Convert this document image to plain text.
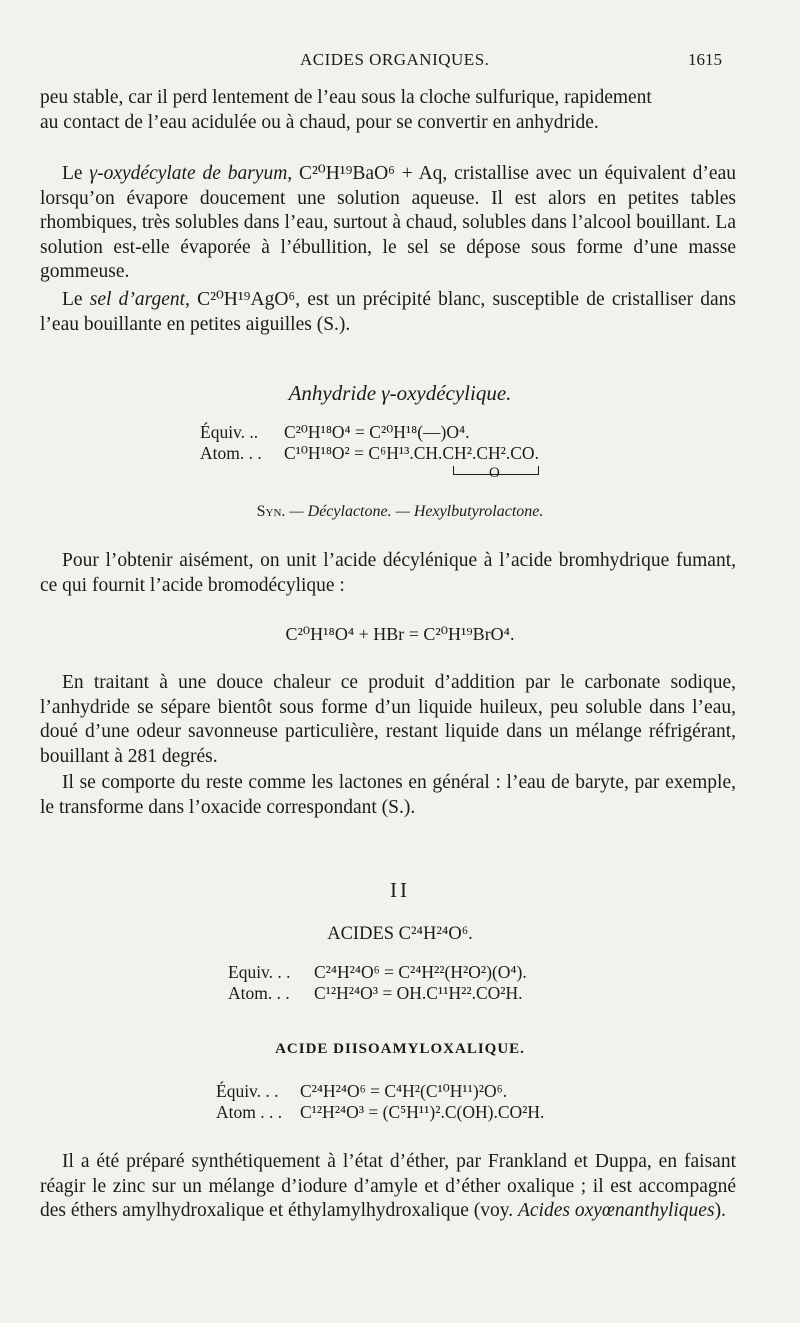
ACIDES ORGANIQUES.	1615
peu stable, car il perd lentement de l’eau sous la cloche sulfurique, rapidement
au contact de l’eau acidulée ou à chaud, pour se convertir en anhydride.

Le γ-oxydécylate de baryum, C²⁰H¹⁹BaO⁶ + Aq, cristallise avec un équivalent d’eau lorsqu’on évapore doucement une solution aqueuse. Il est alors en petites tables rhombiques, très solubles dans l’eau, surtout à chaud, solubles dans l’alcool bouillant. La solution est-elle évaporée à l’ébullition, le sel se dépose sous forme d’une masse gommeuse.

Le sel d’argent, C²⁰H¹⁹AgO⁶, est un précipité blanc, susceptible de cristalliser dans l’eau bouillante en petites aiguilles (S.).

Anhydride γ-oxydécylique.

Équiv. .. C²⁰H¹⁸O⁴ = C²⁰H¹⁸(—)O⁴.
Atom. . . C¹⁰H¹⁸O² = C⁶H¹³.CH.CH².CH².CO.
O

Syn. — Décylactone. — Hexylbutyrolactone.

Pour l’obtenir aisément, on unit l’acide décylénique à l’acide bromhydrique fumant, ce qui fournit l’acide bromodécylique :

C²⁰H¹⁸O⁴ + HBr = C²⁰H¹⁹BrO⁴.

En traitant à une douce chaleur ce produit d’addition par le carbonate sodique, l’anhydride se sépare bientôt sous forme d’un liquide huileux, peu soluble dans l’eau, doué d’une odeur savonneuse particulière, restant liquide dans un mélange réfrigérant, bouillant à 281 degrés.

Il se comporte du reste comme les lactones en général : l’eau de baryte, par exemple, le transforme dans l’oxacide correspondant (S.).

II

ACIDES C²⁴H²⁴O⁶.

Equiv. . . C²⁴H²⁴O⁶ = C²⁴H²²(H²O²)(O⁴).
Atom. . . C¹²H²⁴O³ = OH.C¹¹H²².CO²H.

ACIDE DIISOAMYLOXALIQUE.

Équiv. . . C²⁴H²⁴O⁶ = C⁴H²(C¹⁰H¹¹)²O⁶.
Atom . . . C¹²H²⁴O³ = (C⁵H¹¹)².C(OH).CO²H.

Il a été préparé synthétiquement à l’état d’éther, par Frankland et Duppa, en faisant réagir le zinc sur un mélange d’iodure d’amyle et d’éther oxalique ; il est accompagné des éthers amylhydroxalique et éthylamylhydroxalique (voy. Acides oxyœnanthyliques).
